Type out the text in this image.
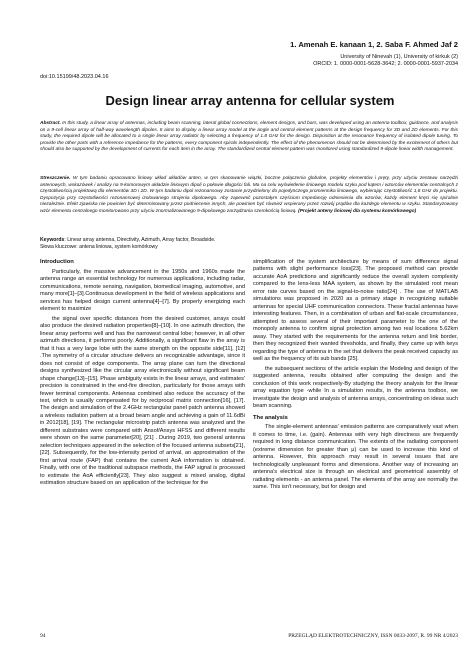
1. Amenah E. kanaan 1, 2. Saba F. Ahmed Jaf 2
University of Ninevah (1), University of kirkuk (2)
ORCID: 1. 0000-0001-5628-3642; 2. 0000-0001-5937-2034
doi:10.15199/48.2023.04.16
Design linear array antenna for cellular system
Abstract. In this study, a linear array of antennas, including beam scanning, lateral global connections, element designs, and bars, was developed using an antenna toolbox, guidance, and analysis on a 9-cell linear array of half-way wavelength dipoles. It aims to display a linear array model at the angle and central element patterns at the design frequency for 3D and 2D elements. For this study, the required dipole will be allocated to a single linear array radiator by selecting a frequency of 1.8 GHz for the design. Disposition at the resonance frequency of isolated dipole tuning. To provide the other parts with a reference impedance for the patterns, every component spirals independently. The effect of the phenomenon should not be determined by the excitement of others but should also be supported by the development of currents for each item in the array. The standardized central element pattern was monitored using standardized 9-dipole linear width management.
Streszczenie. W tym badaniu opracowano liniowy układ układów anten, w tym skanowanie wiązki, boczne połączenia globalne, projekty elementów i pręty, przy użyciu zestawu narzędzi antenowych, wskazówek i analizy na 9-komorowym układzie liniowym dipoli o połowie długości fali. Ma na celu wyświetlenie liniowego modelu szyku pod kątem i wzorców elementów centralnych z częstotliwością projektową dla elementów 3D i 2D. W tym badaniu dipol rezonansowy zostanie przydzielony do pojedynczego promiennika liniowego, wybierając częstotliwość 1,8 GHz do projektu. Dyspozycja przy częstotliwości rezonansowej izolowanego strojenia dipolowego. Aby zapewnić pozostałym częściom impedancję odniesienia dla wzorów, każdy element kręci się spiralnie niezależnie. Efekt zjawiska nie powinien być determinowany przez podniecenie innych, ale powinien być również wspierany przez rozwój prądów dla każdego elementu w szyku. Standaryzowany wzór elementu centralnego monitorowano przy użyciu znormalizowanego 9-dipolowego zarządzania szerokością liniową. (Projekt anteny liniowej dla systemu komórkowego)
Keywords: Linear array antenna, Directivity, Azimuth, Array factor, Broadside.
Słowa kluczowe: antena liniowa, system komórkowy
Introduction

Particularly, the massive advancement in the 1950s and 1960s made the antenna range an essential technology for numerous applications, including radar, communications, remote sensing, navigation, biomedical imaging, automotive, and many more[1]–[3].Continuous development in the field of wireless applications and services has helped design current antenna[4]–[7]. By properly energizing each element to maximize

the signal over specific distances from the desired customer, arrays could also produce the desired radiation properties[8]–[10]. In one azimuth direction, the linear array performs well and has the narrowest central lobe; however, in all other azimuth directions, it performs poorly. Additionally, a significant flaw in the array is that it has a very large lobe with the same strength on the opposite side[11], [12] .The symmetry of a circular structure delivers an recognizable advantage, since it does not consist of edge components. The array plane can turn the directional designs synthesized like the circular array electronically without significant beam shape change[13]–[15]. Phase ambiguity exists in the linear arrays, and estimates' precision is constrained in the end-fire direction, particularly for those arrays with fewer terminal components. Antennas combined also reduce the accuracy of the test, which is usually compensated for by reciprocal matrix connection[16], [17]. The design and simulation of the 2.4GHz rectangular panel patch antenna showed a wireless radiation pattern at a broad beam angle and achieving a gain of 11.6dBi in 2012[18], [19]. The rectangular microstrip patch antenna was analyzed and the different substrates were compared with Ansof/Ansys HFSS and different results were shown on the same parameter[20], [21] . During 2019, two general antenna selection techniques appeared in the selection of the focused antenna subsets[21], [22]. Subsequently, for the low-intensity period of arrival, an approximation of the first arrival route (FAP) that contains the current AoA information is obtained. Finally, with one of the traditional subspace methods, the FAP signal is processed to estimate the AoA efficiently[23]. They also suggest a mixed analog, digital estimation structure based on an application of the technique for the

simplification of the system architecture by means of sum difference signal patterns with slight performance loss[23]. The proposed method can provide accurate AoA predictions and significantly reduce the overall system complexity compared to the lens-less MAA system, as shown by the simulated root mean error rate curves based on the signal-to-noise ratio[24] . The use of MATLAB simulations was proposed in 2020 as a primary stage in recognizing suitable antennas for special UHF communication connectors. These fractal antennas have interesting features. Then, in a combination of urban and flat-scale circumstances, attempted to assess several of their important parameter to the one of the monopoly antenna to confirm signal protection among two real locations 5.62km away. They started with the requirements for the antenna return and link border, then they recognized their wanted thresholds, and finally, they came up with keys regarding the type of antenna in the set that delivers the peak received capacity as well as the frequency of its sub bands [25].

the subsequent sections of the article explain the Modeling and design of the suggested antenna, results obtained after computing the design and the conclusion of this work respectively-By studying the theory analysis for the linear array equation type -while In a simulation results, in the antenna toolbox, we investigate the design and analysis of antenna arrays, concentrating on ideas such beam scanning.

The analysis

The single-element antennas' emission patterns are comparatively vast when it comes to time, i.e. (gain). Antennas with very high directness are frequently required in long distance communication. The extents of the radiating component (extreme dimension for greater than μ) can be used to increase this kind of antenna. However, this approach may result in several issues that are technologically unpleasant forms and dimensions. Another way of increasing an antenna's electrical size is through an electrical and geometrical assembly of radiating elements - an antenna panel. The elements of the array are normally the same. This isn't necessary, but for design and

94	PRZEGLĄD ELEKTROTECHNICZNY, ISSN 0033-2097, R. 99 NR 4/2023
